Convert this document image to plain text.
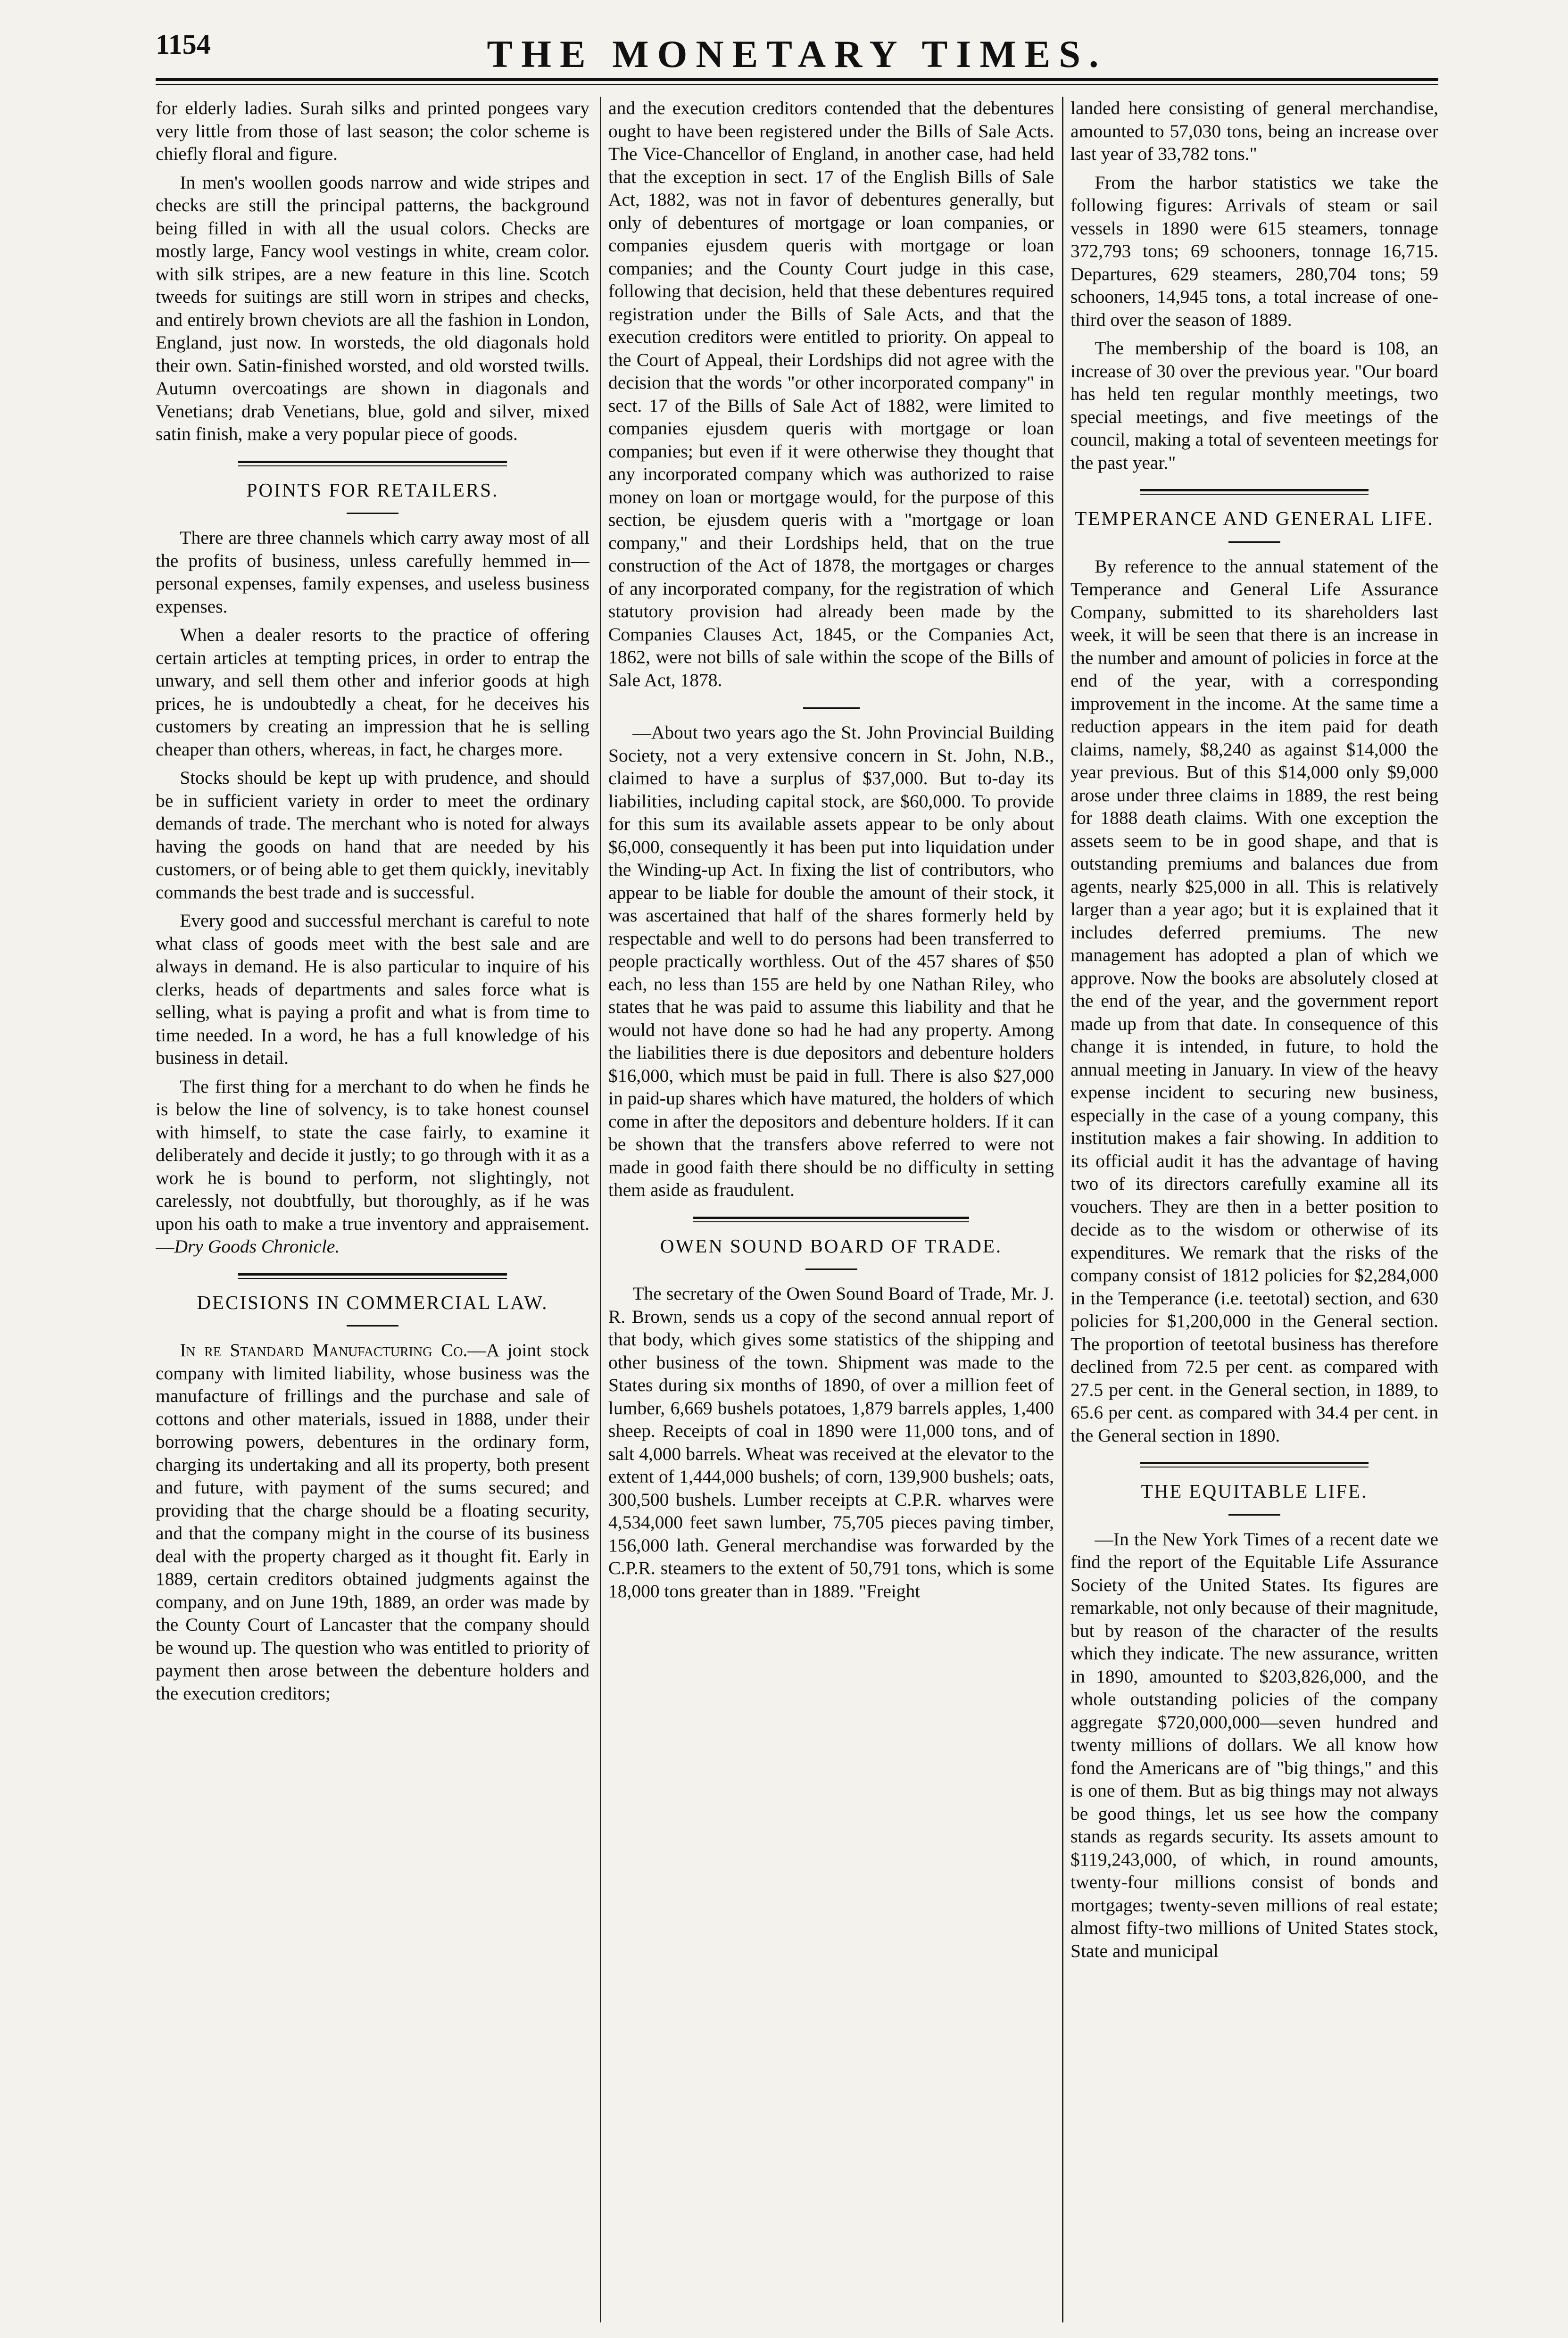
1154	THE MONETARY TIMES.

for elderly ladies. Surah silks and printed pongees vary very little from those of last season; the color scheme is chiefly floral and figure.

In men's woollen goods narrow and wide stripes and checks are still the principal patterns, the background being filled in with all the usual colors. Checks are mostly large, Fancy wool vestings in white, cream color. with silk stripes, are a new feature in this line. Scotch tweeds for suitings are still worn in stripes and checks, and entirely brown cheviots are all the fashion in London, England, just now. In worsteds, the old diagonals hold their own. Satin-finished worsted, and old worsted twills. Autumn overcoatings are shown in diagonals and Venetians; drab Venetians, blue, gold and silver, mixed satin finish, make a very popular piece of goods.

POINTS FOR RETAILERS.

There are three channels which carry away most of all the profits of business, unless carefully hemmed in—personal expenses, family expenses, and useless business expenses.

When a dealer resorts to the practice of offering certain articles at tempting prices, in order to entrap the unwary, and sell them other and inferior goods at high prices, he is undoubtedly a cheat, for he deceives his customers by creating an impression that he is selling cheaper than others, whereas, in fact, he charges more.

Stocks should be kept up with prudence, and should be in sufficient variety in order to meet the ordinary demands of trade. The merchant who is noted for always having the goods on hand that are needed by his customers, or of being able to get them quickly, inevitably commands the best trade and is successful.

Every good and successful merchant is careful to note what class of goods meet with the best sale and are always in demand. He is also particular to inquire of his clerks, heads of departments and sales force what is selling, what is paying a profit and what is from time to time needed. In a word, he has a full knowledge of his business in detail.

The first thing for a merchant to do when he finds he is below the line of solvency, is to take honest counsel with himself, to state the case fairly, to examine it deliberately and decide it justly; to go through with it as a work he is bound to perform, not slightingly, not carelessly, not doubtfully, but thoroughly, as if he was upon his oath to make a true inventory and appraisement.—Dry Goods Chronicle.

DECISIONS IN COMMERCIAL LAW.

In re Standard Manufacturing Co.—A joint stock company with limited liability, whose business was the manufacture of frillings and the purchase and sale of cottons and other materials, issued in 1888, under their borrowing powers, debentures in the ordinary form, charging its undertaking and all its property, both present and future, with payment of the sums secured; and providing that the charge should be a floating security, and that the company might in the course of its business deal with the property charged as it thought fit. Early in 1889, certain creditors obtained judgments against the company, and on June 19th, 1889, an order was made by the County Court of Lancaster that the company should be wound up. The question who was entitled to priority of payment then arose between the debenture holders and the execution creditors;

and the execution creditors contended that the debentures ought to have been registered under the Bills of Sale Acts. The Vice-Chancellor of England, in another case, had held that the exception in sect. 17 of the English Bills of Sale Act, 1882, was not in favor of debentures generally, but only of debentures of mortgage or loan companies, or companies ejusdem queris with mortgage or loan companies; and the County Court judge in this case, following that decision, held that these debentures required registration under the Bills of Sale Acts, and that the execution creditors were entitled to priority. On appeal to the Court of Appeal, their Lordships did not agree with the decision that the words "or other incorporated company" in sect. 17 of the Bills of Sale Act of 1882, were limited to companies ejusdem queris with mortgage or loan companies; but even if it were otherwise they thought that any incorporated company which was authorized to raise money on loan or mortgage would, for the purpose of this section, be ejusdem queris with a "mortgage or loan company," and their Lordships held, that on the true construction of the Act of 1878, the mortgages or charges of any incorporated company, for the registration of which statutory provision had already been made by the Companies Clauses Act, 1845, or the Companies Act, 1862, were not bills of sale within the scope of the Bills of Sale Act, 1878.

—About two years ago the St. John Provincial Building Society, not a very extensive concern in St. John, N.B., claimed to have a surplus of $37,000. But to-day its liabilities, including capital stock, are $60,000. To provide for this sum its available assets appear to be only about $6,000, consequently it has been put into liquidation under the Winding-up Act. In fixing the list of contributors, who appear to be liable for double the amount of their stock, it was ascertained that half of the shares formerly held by respectable and well to do persons had been transferred to people practically worthless. Out of the 457 shares of $50 each, no less than 155 are held by one Nathan Riley, who states that he was paid to assume this liability and that he would not have done so had he had any property. Among the liabilities there is due depositors and debenture holders $16,000, which must be paid in full. There is also $27,000 in paid-up shares which have matured, the holders of which come in after the depositors and debenture holders. If it can be shown that the transfers above referred to were not made in good faith there should be no difficulty in setting them aside as fraudulent.

OWEN SOUND BOARD OF TRADE.

The secretary of the Owen Sound Board of Trade, Mr. J. R. Brown, sends us a copy of the second annual report of that body, which gives some statistics of the shipping and other business of the town. Shipment was made to the States during six months of 1890, of over a million feet of lumber, 6,669 bushels potatoes, 1,879 barrels apples, 1,400 sheep. Receipts of coal in 1890 were 11,000 tons, and of salt 4,000 barrels. Wheat was received at the elevator to the extent of 1,444,000 bushels; of corn, 139,900 bushels; oats, 300,500 bushels. Lumber receipts at C.P.R. wharves were 4,534,000 feet sawn lumber, 75,705 pieces paving timber, 156,000 lath. General merchandise was forwarded by the C.P.R. steamers to the extent of 50,791 tons, which is some 18,000 tons greater than in 1889. "Freight

landed here consisting of general merchandise, amounted to 57,030 tons, being an increase over last year of 33,782 tons."

From the harbor statistics we take the following figures: Arrivals of steam or sail vessels in 1890 were 615 steamers, tonnage 372,793 tons; 69 schooners, tonnage 16,715. Departures, 629 steamers, 280,704 tons; 59 schooners, 14,945 tons, a total increase of one-third over the season of 1889.

The membership of the board is 108, an increase of 30 over the previous year. "Our board has held ten regular monthly meetings, two special meetings, and five meetings of the council, making a total of seventeen meetings for the past year."

TEMPERANCE AND GENERAL LIFE.

By reference to the annual statement of the Temperance and General Life Assurance Company, submitted to its shareholders last week, it will be seen that there is an increase in the number and amount of policies in force at the end of the year, with a corresponding improvement in the income. At the same time a reduction appears in the item paid for death claims, namely, $8,240 as against $14,000 the year previous. But of this $14,000 only $9,000 arose under three claims in 1889, the rest being for 1888 death claims. With one exception the assets seem to be in good shape, and that is outstanding premiums and balances due from agents, nearly $25,000 in all. This is relatively larger than a year ago; but it is explained that it includes deferred premiums. The new management has adopted a plan of which we approve. Now the books are absolutely closed at the end of the year, and the government report made up from that date. In consequence of this change it is intended, in future, to hold the annual meeting in January. In view of the heavy expense incident to securing new business, especially in the case of a young company, this institution makes a fair showing. In addition to its official audit it has the advantage of having two of its directors carefully examine all its vouchers. They are then in a better position to decide as to the wisdom or otherwise of its expenditures. We remark that the risks of the company consist of 1812 policies for $2,284,000 in the Temperance (i.e. teetotal) section, and 630 policies for $1,200,000 in the General section. The proportion of teetotal business has therefore declined from 72.5 per cent. as compared with 27.5 per cent. in the General section, in 1889, to 65.6 per cent. as compared with 34.4 per cent. in the General section in 1890.

THE EQUITABLE LIFE.

—In the New York Times of a recent date we find the report of the Equitable Life Assurance Society of the United States. Its figures are remarkable, not only because of their magnitude, but by reason of the character of the results which they indicate. The new assurance, written in 1890, amounted to $203,826,000, and the whole outstanding policies of the company aggregate $720,000,000—seven hundred and twenty millions of dollars. We all know how fond the Americans are of "big things," and this is one of them. But as big things may not always be good things, let us see how the company stands as regards security. Its assets amount to $119,243,000, of which, in round amounts, twenty-four millions consist of bonds and mortgages; twenty-seven millions of real estate; almost fifty-two millions of United States stock, State and municipal
